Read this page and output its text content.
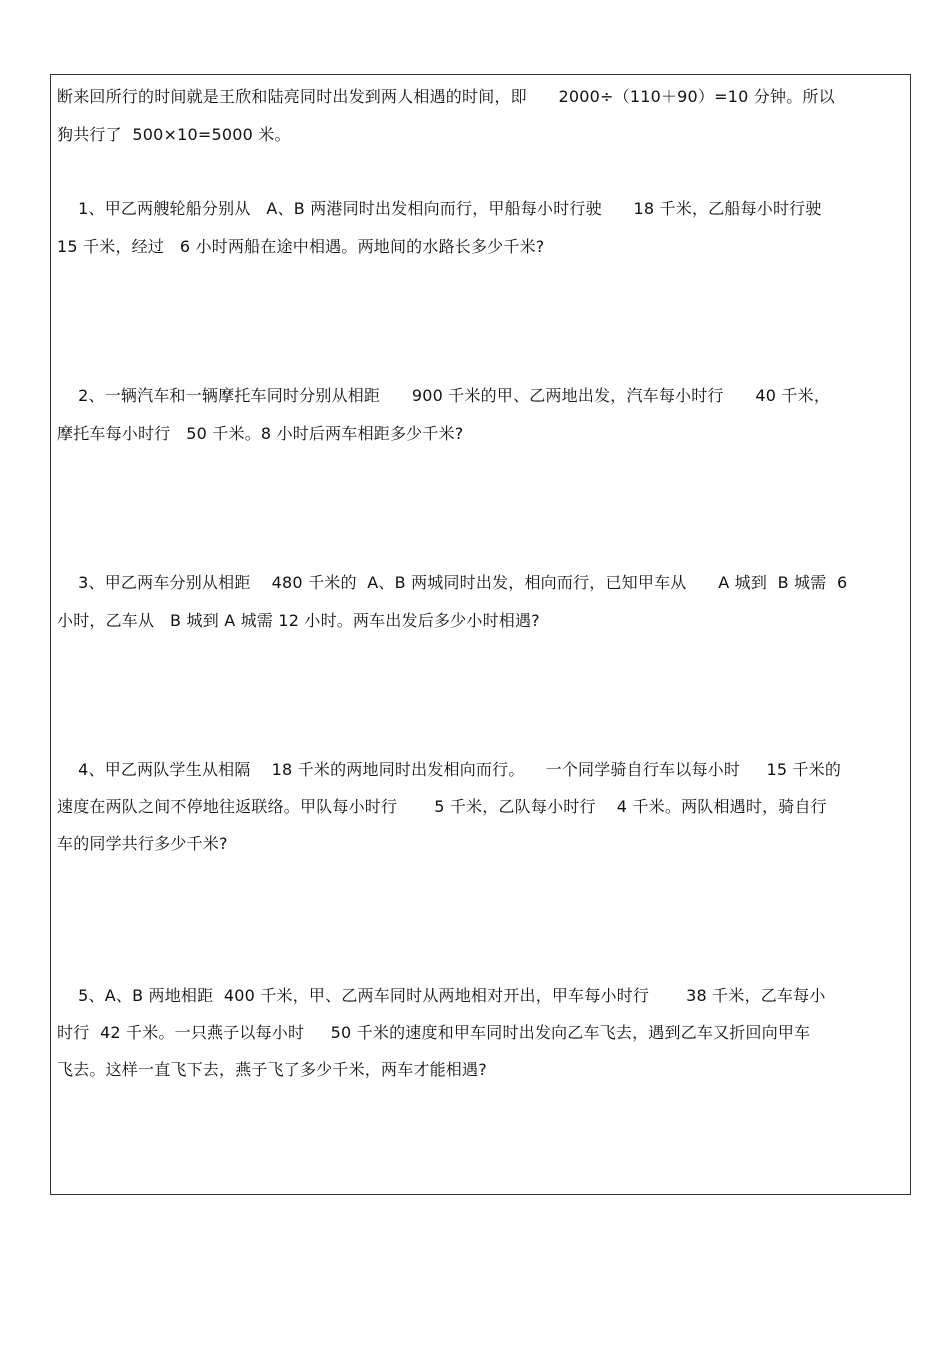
断来回所行的时间就是王欣和陆亮同时出发到两人相遇的时间，即      2000÷（110＋90）=10 分钟。所以
狗共行了  500×10=5000 米。
1、甲乙两艘轮船分别从   A、B 两港同时出发相向而行，甲船每小时行驶      18 千米，乙船每小时行驶
15 千米，经过   6 小时两船在途中相遇。两地间的水路长多少千米?
2、一辆汽车和一辆摩托车同时分别从相距      900 千米的甲、乙两地出发，汽车每小时行      40 千米，
摩托车每小时行   50 千米。8 小时后两车相距多少千米?
3、甲乙两车分别从相距    480 千米的  A、B 两城同时出发，相向而行，已知甲车从      A 城到  B 城需  6
小时，乙车从   B 城到 A 城需 12 小时。两车出发后多少小时相遇?
4、甲乙两队学生从相隔    18 千米的两地同时出发相向而行。    一个同学骑自行车以每小时     15 千米的
速度在两队之间不停地往返联络。甲队每小时行       5 千米，乙队每小时行    4 千米。两队相遇时，骑自行
车的同学共行多少千米?
5、A、B 两地相距  400 千米，甲、乙两车同时从两地相对开出，甲车每小时行       38 千米，乙车每小
时行  42 千米。一只燕子以每小时     50 千米的速度和甲车同时出发向乙车飞去，遇到乙车又折回向甲车
飞去。这样一直飞下去，燕子飞了多少千米，两车才能相遇?
